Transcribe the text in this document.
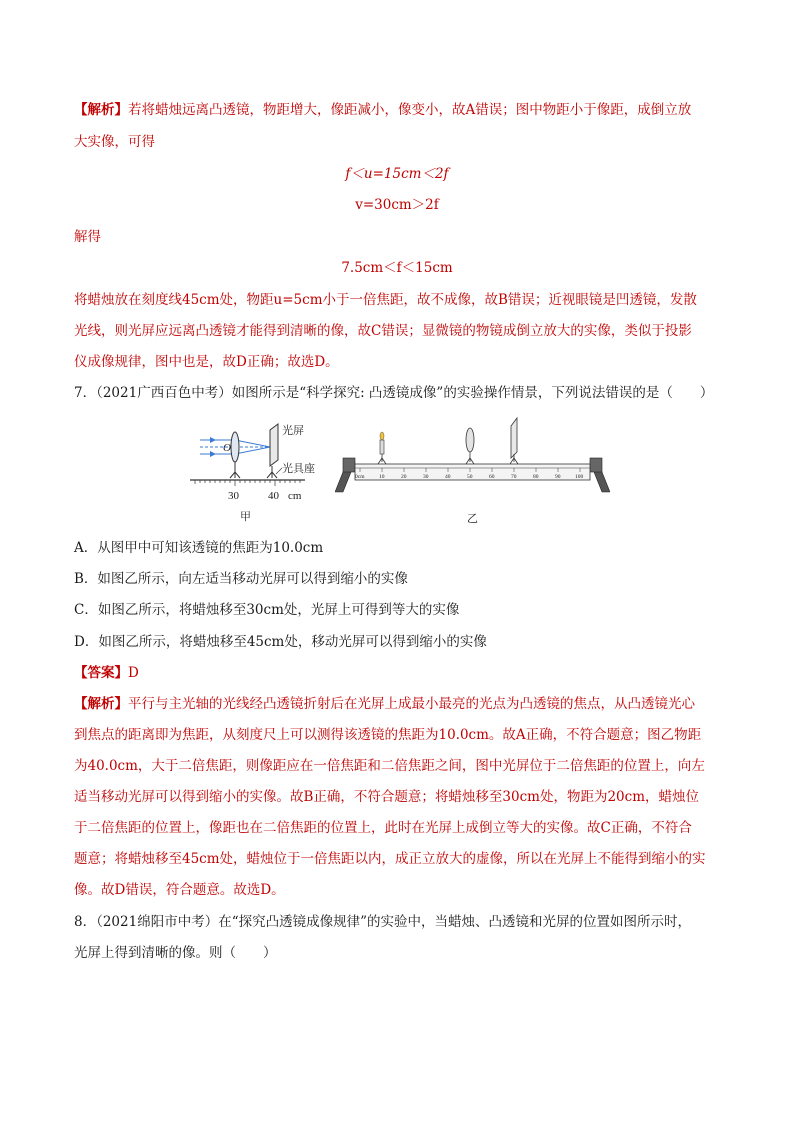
【解析】若将蜡烛远离凸透镜，物距增大，像距减小，像变小，故A错误；图中物距小于像距，成倒立放
大实像，可得
f＜u=15cm＜2f
v=30cm＞2f
解得
7.5cm＜f＜15cm
将蜡烛放在刻度线45cm处，物距u=5cm小于一倍焦距，故不成像，故B错误；近视眼镜是凹透镜，发散
光线，则光屏应远离凸透镜才能得到清晰的像，故C错误；显微镜的物镜成倒立放大的实像，类似于投影
仪成像规律，图中也是，故D正确；故选D。
7．（2021广西百色中考）如图所示是“科学探究: 凸透镜成像”的实验操作情景，下列说法错误的是（　　）
O
光屏
光具座
30	40 cm
甲
0cm	10	20	30	40	50	60	70	80	90	100
乙
A．从图甲中可知该透镜的焦距为10.0cm
B．如图乙所示，向左适当移动光屏可以得到缩小的实像
C．如图乙所示，将蜡烛移至30cm处，光屏上可得到等大的实像
D．如图乙所示，将蜡烛移至45cm处，移动光屏可以得到缩小的实像
【答案】D
【解析】平行与主光轴的光线经凸透镜折射后在光屏上成最小最亮的光点为凸透镜的焦点，从凸透镜光心
到焦点的距离即为焦距，从刻度尺上可以测得该透镜的焦距为10.0cm。故A正确，不符合题意；图乙物距
为40.0cm，大于二倍焦距，则像距应在一倍焦距和二倍焦距之间，图中光屏位于二倍焦距的位置上，向左
适当移动光屏可以得到缩小的实像。故B正确，不符合题意；将蜡烛移至30cm处，物距为20cm，蜡烛位
于二倍焦距的位置上，像距也在二倍焦距的位置上，此时在光屏上成倒立等大的实像。故C正确，不符合
题意；将蜡烛移至45cm处，蜡烛位于一倍焦距以内，成正立放大的虚像，所以在光屏上不能得到缩小的实
像。故D错误，符合题意。故选D。
8．（2021绵阳市中考）在“探究凸透镜成像规律”的实验中，当蜡烛、凸透镜和光屏的位置如图所示时，
光屏上得到清晰的像。则（　　）
